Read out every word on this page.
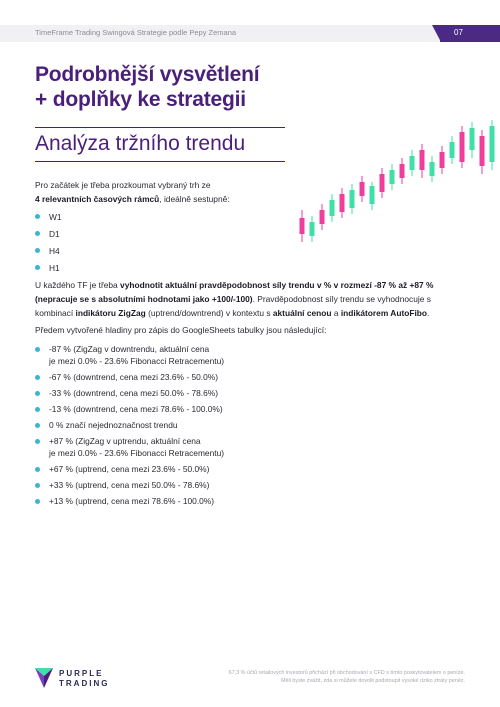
TimeFrame Trading Swingová Strategie podle Pepy Zemana	07
Podrobnější vysvětlení
+ doplňky ke strategii
Analýza tržního trendu

Pro začátek je třeba prozkoumat vybraný trh ze
4 relevantních časových rámců, ideálně sestupně:

W1
D1
H4
H1

U každého TF je třeba vyhodnotit aktuální pravděpodobnost síly trendu v % v rozmezí -87 % až +87 % (nepracuje se s absolutními hodnotami jako +100/-100). Pravděpodobnost síly trendu se vyhodnocuje s kombinací indikátoru ZigZag (uptrend/downtrend) v kontextu s aktuální cenou a indikátorem AutoFibo.

Předem vytvořené hladiny pro zápis do GoogleSheets tabulky jsou následující:

-87 % (ZigZag v downtrendu, aktuální cena
je mezi 0.0% - 23.6% Fibonacci Retracementu)
-67 % (downtrend, cena mezi 23.6% - 50.0%)
-33 % (downtrend, cena mezi 50.0% - 78.6%)
-13 % (downtrend, cena mezi 78.6% - 100.0%)
0 % značí nejednoznačnost trendu
+87 % (ZigZag v uptrendu, aktuální cena
je mezi 0.0% - 23.6% Fibonacci Retracementu)
+67 % (uptrend, cena mezi 23.6% - 50.0%)
+33 % (uptrend, cena mezi 50.0% - 78.6%)
+13 % (uptrend, cena mezi 78.6% - 100.0%)
PURPLE
TRADING
67,3 % účtů retailových investorů přichází při obchodování s CFD s tímto poskytovatelem o peníze.
Měli byste zvážit, zda si můžete dovolit podstoupit vysoké riziko ztráty peněz.
